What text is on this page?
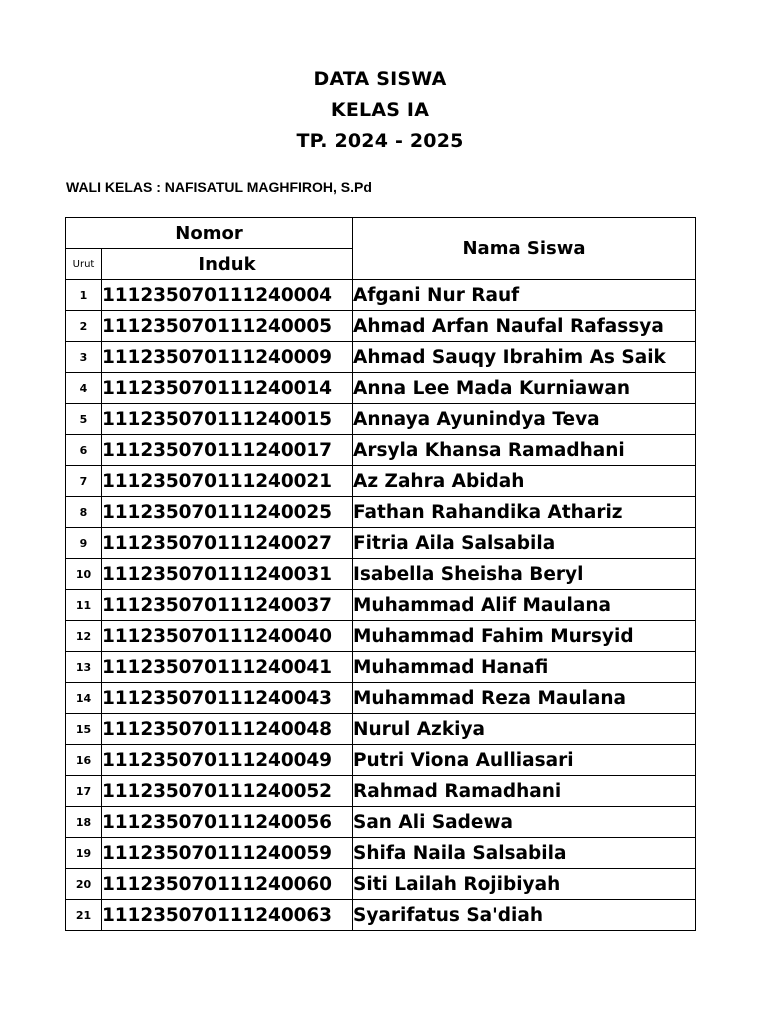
DATA SISWA
KELAS IA
TP. 2024 - 2025
WALI KELAS : NAFISATUL MAGHFIROH, S.Pd
Nomor		Nama Siswa
Urut	Induk	
1	111235070111240004	Afgani Nur Rauf
2	111235070111240005	Ahmad Arfan Naufal Rafassya
3	111235070111240009	Ahmad Sauqy Ibrahim As Saik
4	111235070111240014	Anna Lee Mada Kurniawan
5	111235070111240015	Annaya Ayunindya Teva
6	111235070111240017	Arsyla Khansa Ramadhani
7	111235070111240021	Az Zahra Abidah
8	111235070111240025	Fathan Rahandika Athariz
9	111235070111240027	Fitria Aila Salsabila
10	111235070111240031	Isabella Sheisha Beryl
11	111235070111240037	Muhammad Alif Maulana
12	111235070111240040	Muhammad Fahim Mursyid
13	111235070111240041	Muhammad Hanafi
14	111235070111240043	Muhammad Reza Maulana
15	111235070111240048	Nurul Azkiya
16	111235070111240049	Putri Viona Aulliasari
17	111235070111240052	Rahmad Ramadhani
18	111235070111240056	San Ali Sadewa
19	111235070111240059	Shifa Naila Salsabila
20	111235070111240060	Siti Lailah Rojibiyah
21	111235070111240063	Syarifatus Sa'diah
